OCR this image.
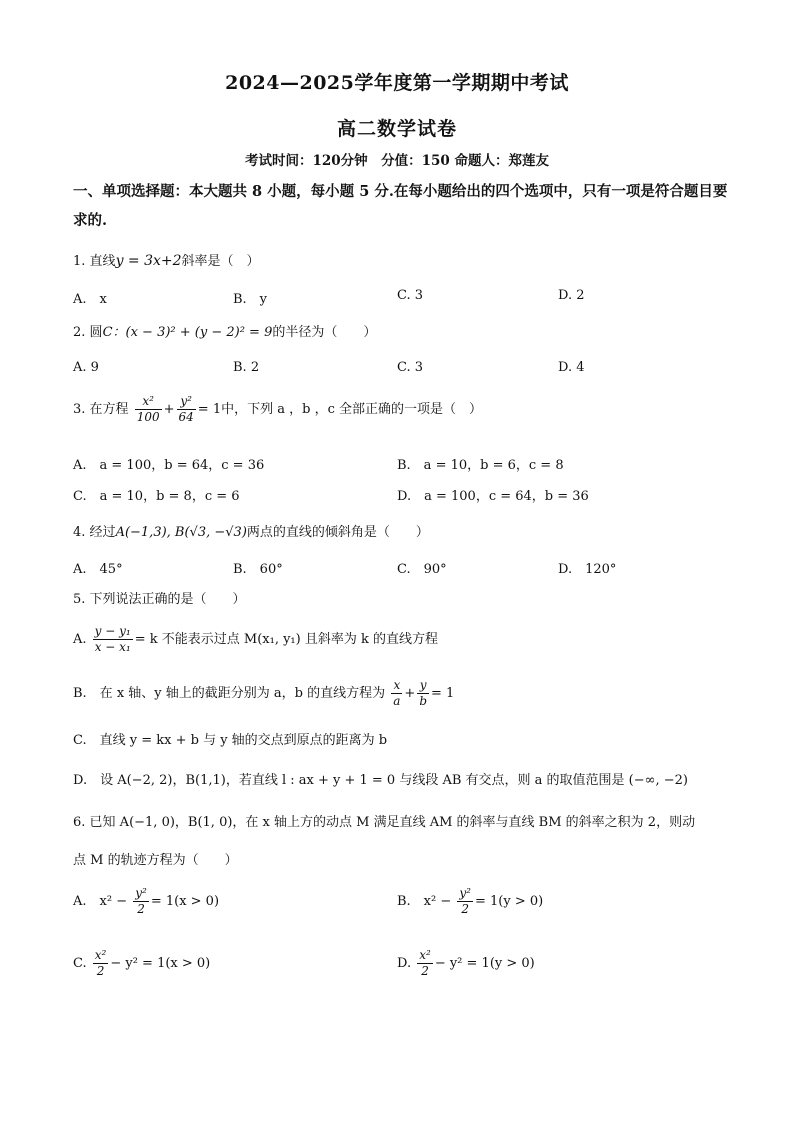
2024—2025学年度第一学期期中考试
高二数学试卷
考试时间：120分钟　分值：150 命题人：郑莲友
一、单项选择题：本大题共 8 小题，每小题 5 分.在每小题给出的四个选项中，只有一项是符合题目要求的.
1. 直线y = 3x+2斜率是（　）
A.　x	B.　y	C. 3	D. 2
2. 圆C：(x − 3)² + (y − 2)² = 9的半径为（　　）
A. 9	B. 2	C. 3	D. 4
3. 在方程 $\frac{\text{x²}}{100} + \frac{\text{y²}}{64} = 1$中，下列 a ，b ，c 全部正确的一项是（　）
A.　a = 100，b = 64，c = 36	B.　a = 10，b = 6，c = 8
C.　a = 10，b = 8，c = 6	D.　a = 100，c = 64，b = 36
4. 经过A(−1,3), B(√3, −√3)两点的直线的倾斜角是（　　）
A.　45°	B.　60°	C.　90°	D.　120°
5. 下列说法正确的是（　　）
A. $\frac{\text{y − y₁}}{\text{x − x₁}} = k$ 不能表示过点 M(x₁, y₁) 且斜率为 k 的直线方程
B.　在 x 轴、y 轴上的截距分别为 a，b 的直线方程为 $\frac{x}{a} + \frac{y}{b} = 1$
C.　直线 y = kx + b 与 y 轴的交点到原点的距离为 b
D.　设 A(−2, 2)，B(1,1)，若直线 l : ax + y + 1 = 0 与线段 AB 有交点，则 a 的取值范围是 (−∞, −2)
6. 已知 A(−1, 0)，B(1, 0)，在 x 轴上方的动点 M 满足直线 AM 的斜率与直线 BM 的斜率之积为 2，则动
点 M 的轨迹方程为（　　）
A.　$x^2 - \frac{\text{y²}}{2} = 1(x > 0)$	B.　$x^2 - \frac{\text{y²}}{2} = 1(y > 0)$
C. $\frac{\text{x²}}{2} - y^2 = 1(x > 0)$	D. $\frac{\text{x²}}{2} - y^2 = 1(y > 0)$
